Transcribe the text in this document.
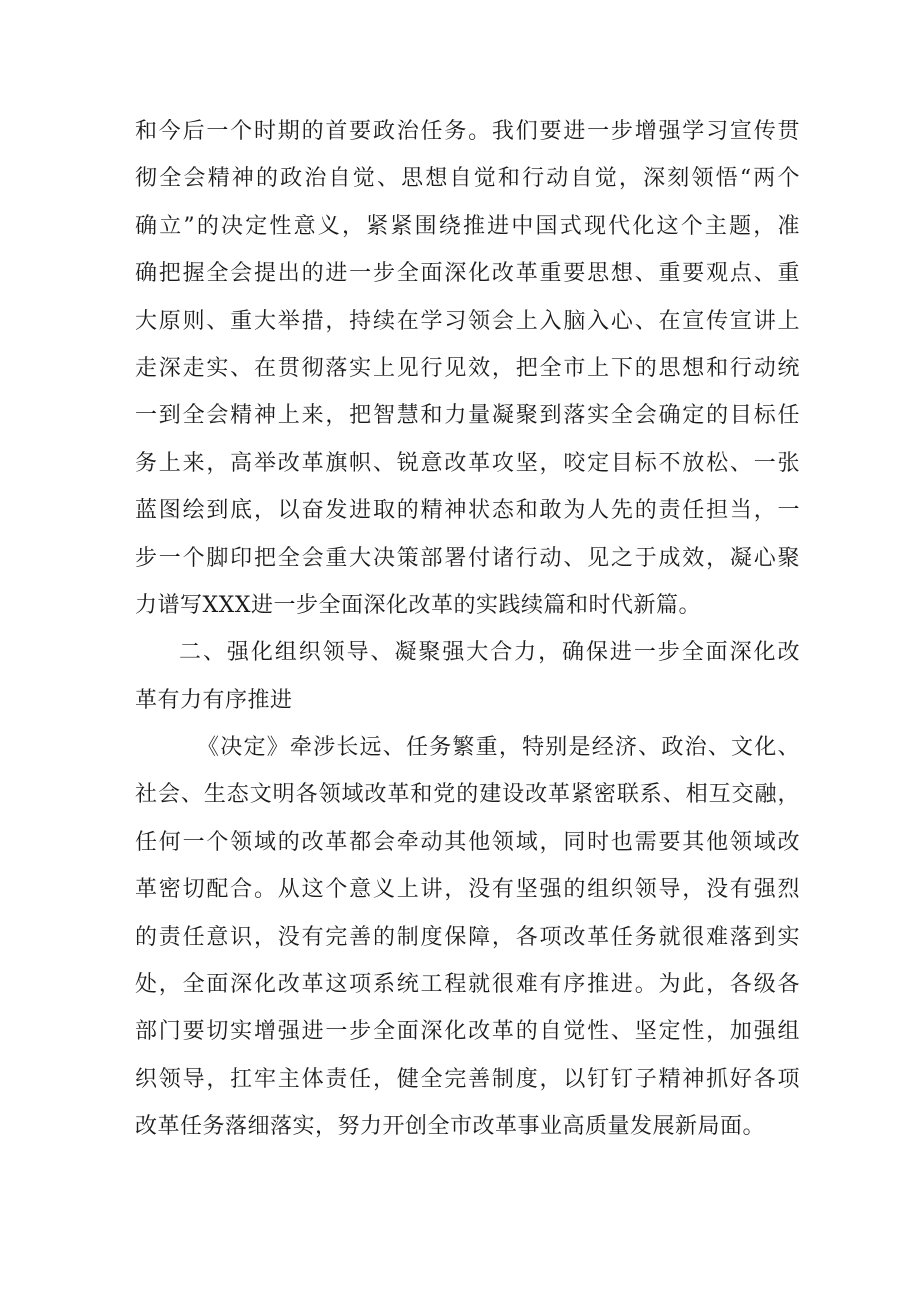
和今后一个时期的首要政治任务。我们要进一步增强学习宣传贯
彻全会精神的政治自觉、思想自觉和行动自觉，深刻领悟“两个
确立”的决定性意义，紧紧围绕推进中国式现代化这个主题，准
确把握全会提出的进一步全面深化改革重要思想、重要观点、重
大原则、重大举措，持续在学习领会上入脑入心、在宣传宣讲上
走深走实、在贯彻落实上见行见效，把全市上下的思想和行动统
一到全会精神上来，把智慧和力量凝聚到落实全会确定的目标任
务上来，高举改革旗帜、锐意改革攻坚，咬定目标不放松、一张
蓝图绘到底，以奋发进取的精神状态和敢为人先的责任担当，一
步一个脚印把全会重大决策部署付诸行动、见之于成效，凝心聚
力谱写XXX进一步全面深化改革的实践续篇和时代新篇。
二、强化组织领导、凝聚强大合力，确保进一步全面深化改
革有力有序推进
《决定》牵涉长远、任务繁重，特别是经济、政治、文化、
社会、生态文明各领域改革和党的建设改革紧密联系、相互交融，
任何一个领域的改革都会牵动其他领域，同时也需要其他领域改
革密切配合。从这个意义上讲，没有坚强的组织领导，没有强烈
的责任意识，没有完善的制度保障，各项改革任务就很难落到实
处，全面深化改革这项系统工程就很难有序推进。为此，各级各
部门要切实增强进一步全面深化改革的自觉性、坚定性，加强组
织领导，扛牢主体责任，健全完善制度，以钉钉子精神抓好各项
改革任务落细落实，努力开创全市改革事业高质量发展新局面。
